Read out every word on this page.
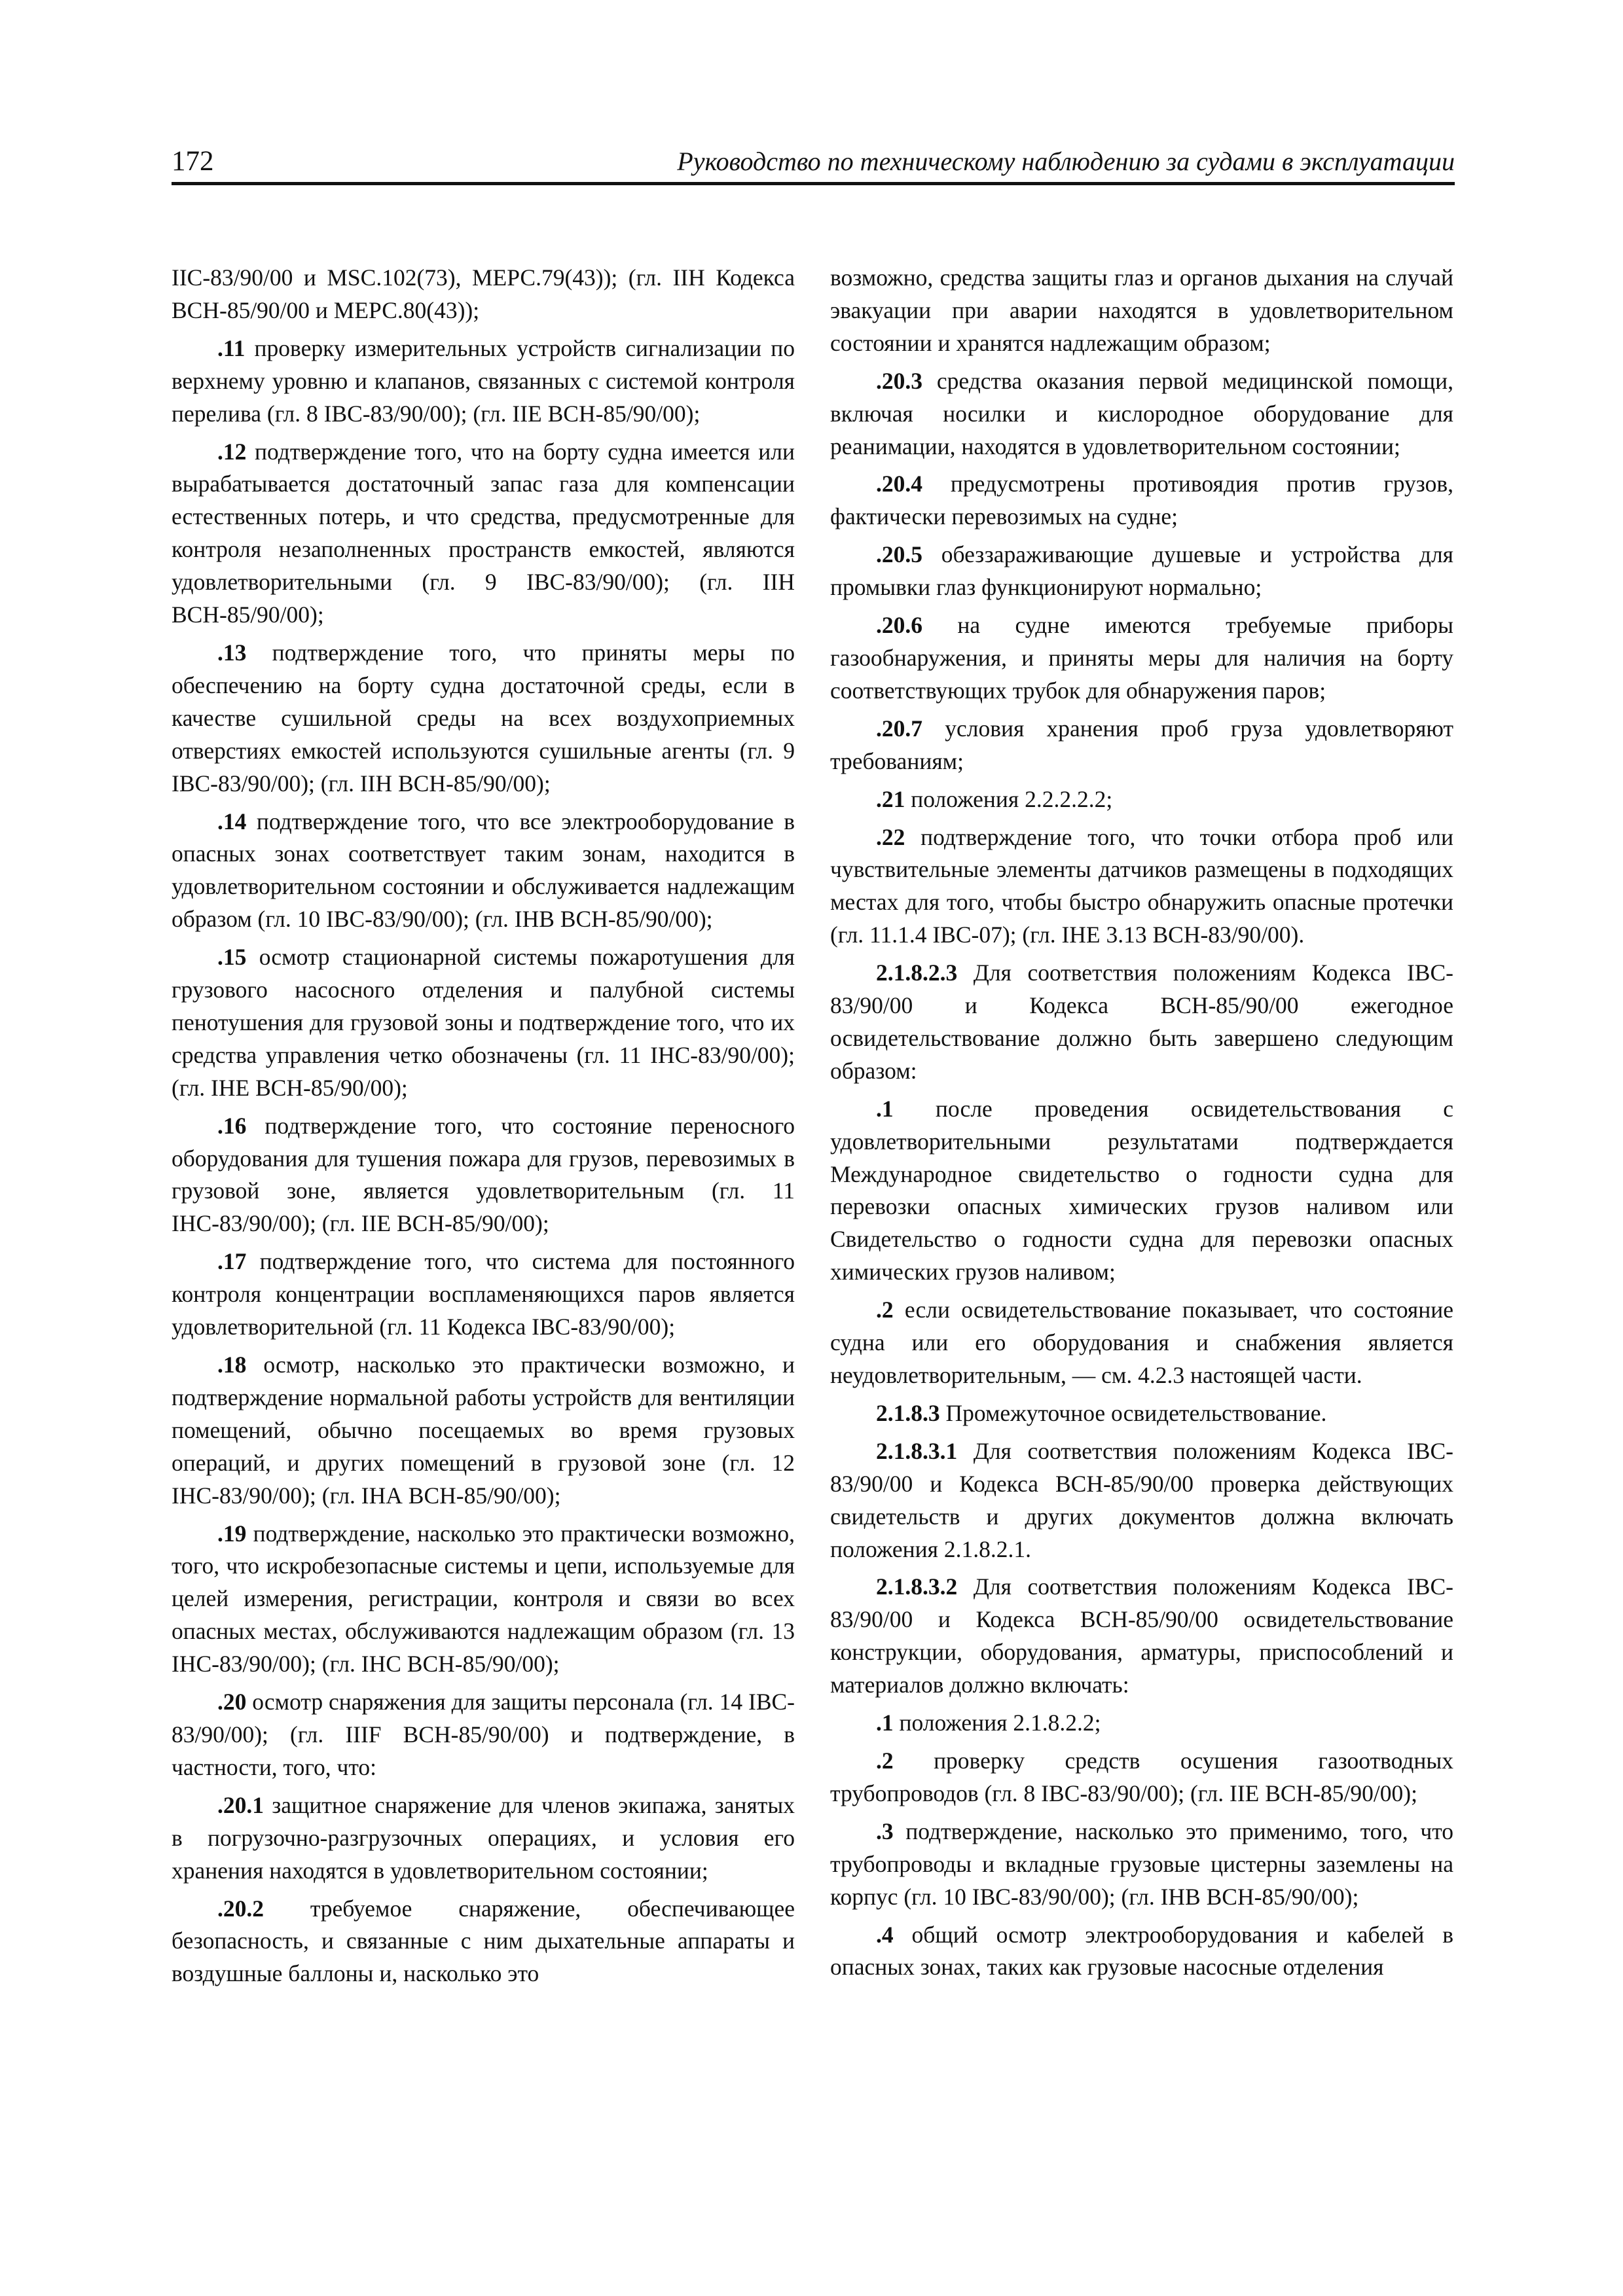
172	Руководство по техническому наблюдению за судами в эксплуатации

IIС-83/90/00 и MSC.102(73), МЕРС.79(43)); (гл. IIН Кодекса ВСН-85/90/00 и МЕРС.80(43));

.11 проверку измерительных устройств сигнализации по верхнему уровню и клапанов, связанных с системой контроля перелива (гл. 8 IBC-83/90/00); (гл. IIЕ ВСН-85/90/00);

.12 подтверждение того, что на борту судна имеется или вырабатывается достаточный запас газа для компенсации естественных потерь, и что средства, предусмотренные для контроля незаполненных пространств емкостей, являются удовлетворительными (гл. 9 IBC-83/90/00); (гл. IIН ВСН-85/90/00);

.13 подтверждение того, что приняты меры по обеспечению на борту судна достаточной среды, если в качестве сушильной среды на всех воздухоприемных отверстиях емкостей используются сушильные агенты (гл. 9 IBC-83/90/00); (гл. IIН ВСН-85/90/00);

.14 подтверждение того, что все электрооборудование в опасных зонах соответствует таким зонам, находится в удовлетворительном состоянии и обслуживается надлежащим образом (гл. 10 IBC-83/90/00); (гл. IНВ ВСН-85/90/00);

.15 осмотр стационарной системы пожаротушения для грузового насосного отделения и палубной системы пенотушения для грузовой зоны и подтверждение того, что их средства управления четко обозначены (гл. 11 IНС-83/90/00); (гл. IНЕ ВСН-85/90/00);

.16 подтверждение того, что состояние переносного оборудования для тушения пожара для грузов, перевозимых в грузовой зоне, является удовлетворительным (гл. 11 IНС-83/90/00); (гл. IIЕ ВСН-85/90/00);

.17 подтверждение того, что система для постоянного контроля концентрации воспламеняющихся паров является удовлетворительной (гл. 11 Кодекса IBC-83/90/00);

.18 осмотр, насколько это практически возможно, и подтверждение нормальной работы устройств для вентиляции помещений, обычно посещаемых во время грузовых операций, и других помещений в грузовой зоне (гл. 12 IНС-83/90/00); (гл. IНА ВСН-85/90/00);

.19 подтверждение, насколько это практически возможно, того, что искробезопасные системы и цепи, используемые для целей измерения, регистрации, контроля и связи во всех опасных местах, обслуживаются надлежащим образом (гл. 13 IНС-83/90/00); (гл. IНС ВСН-85/90/00);

.20 осмотр снаряжения для защиты персонала (гл. 14 IBC-83/90/00); (гл. IIIF ВСН-85/90/00) и подтверждение, в частности, того, что:

.20.1 защитное снаряжение для членов экипажа, занятых в погрузочно-разгрузочных операциях, и условия его хранения находятся в удовлетворительном состоянии;

.20.2 требуемое снаряжение, обеспечивающее безопасность, и связанные с ним дыхательные аппараты и воздушные баллоны и, насколько это

возможно, средства защиты глаз и органов дыхания на случай эвакуации при аварии находятся в удовлетворительном состоянии и хранятся надлежащим образом;

.20.3 средства оказания первой медицинской помощи, включая носилки и кислородное оборудование для реанимации, находятся в удовлетворительном состоянии;

.20.4 предусмотрены противоядия против грузов, фактически перевозимых на судне;

.20.5 обеззараживающие душевые и устройства для промывки глаз функционируют нормально;

.20.6 на судне имеются требуемые приборы газообнаружения, и приняты меры для наличия на борту соответствующих трубок для обнаружения паров;

.20.7 условия хранения проб груза удовлетворяют требованиям;

.21 положения 2.2.2.2.2;

.22 подтверждение того, что точки отбора проб или чувствительные элементы датчиков размещены в подходящих местах для того, чтобы быстро обнаружить опасные протечки (гл. 11.1.4 IBC-07); (гл. IНЕ 3.13 ВСН-83/90/00).

2.1.8.2.3 Для соответствия положениям Кодекса IBC-83/90/00 и Кодекса ВСН-85/90/00 ежегодное освидетельствование должно быть завершено следующим образом:

.1 после проведения освидетельствования с удовлетворительными результатами подтверждается Международное свидетельство о годности судна для перевозки опасных химических грузов наливом или Свидетельство о годности судна для перевозки опасных химических грузов наливом;

.2 если освидетельствование показывает, что состояние судна или его оборудования и снабжения является неудовлетворительным, — см. 4.2.3 настоящей части.

2.1.8.3 Промежуточное освидетельствование.

2.1.8.3.1 Для соответствия положениям Кодекса IBC-83/90/00 и Кодекса ВСН-85/90/00 проверка действующих свидетельств и других документов должна включать положения 2.1.8.2.1.

2.1.8.3.2 Для соответствия положениям Кодекса IBC-83/90/00 и Кодекса ВСН-85/90/00 освидетельствование конструкции, оборудования, арматуры, приспособлений и материалов должно включать:

.1 положения 2.1.8.2.2;

.2 проверку средств осушения газоотводных трубопроводов (гл. 8 IBC-83/90/00); (гл. IIЕ ВСН-85/90/00);

.3 подтверждение, насколько это применимо, того, что трубопроводы и вкладные грузовые цистерны заземлены на корпус (гл. 10 IBC-83/90/00); (гл. IНВ ВСН-85/90/00);

.4 общий осмотр электрооборудования и кабелей в опасных зонах, таких как грузовые насосные отделения
